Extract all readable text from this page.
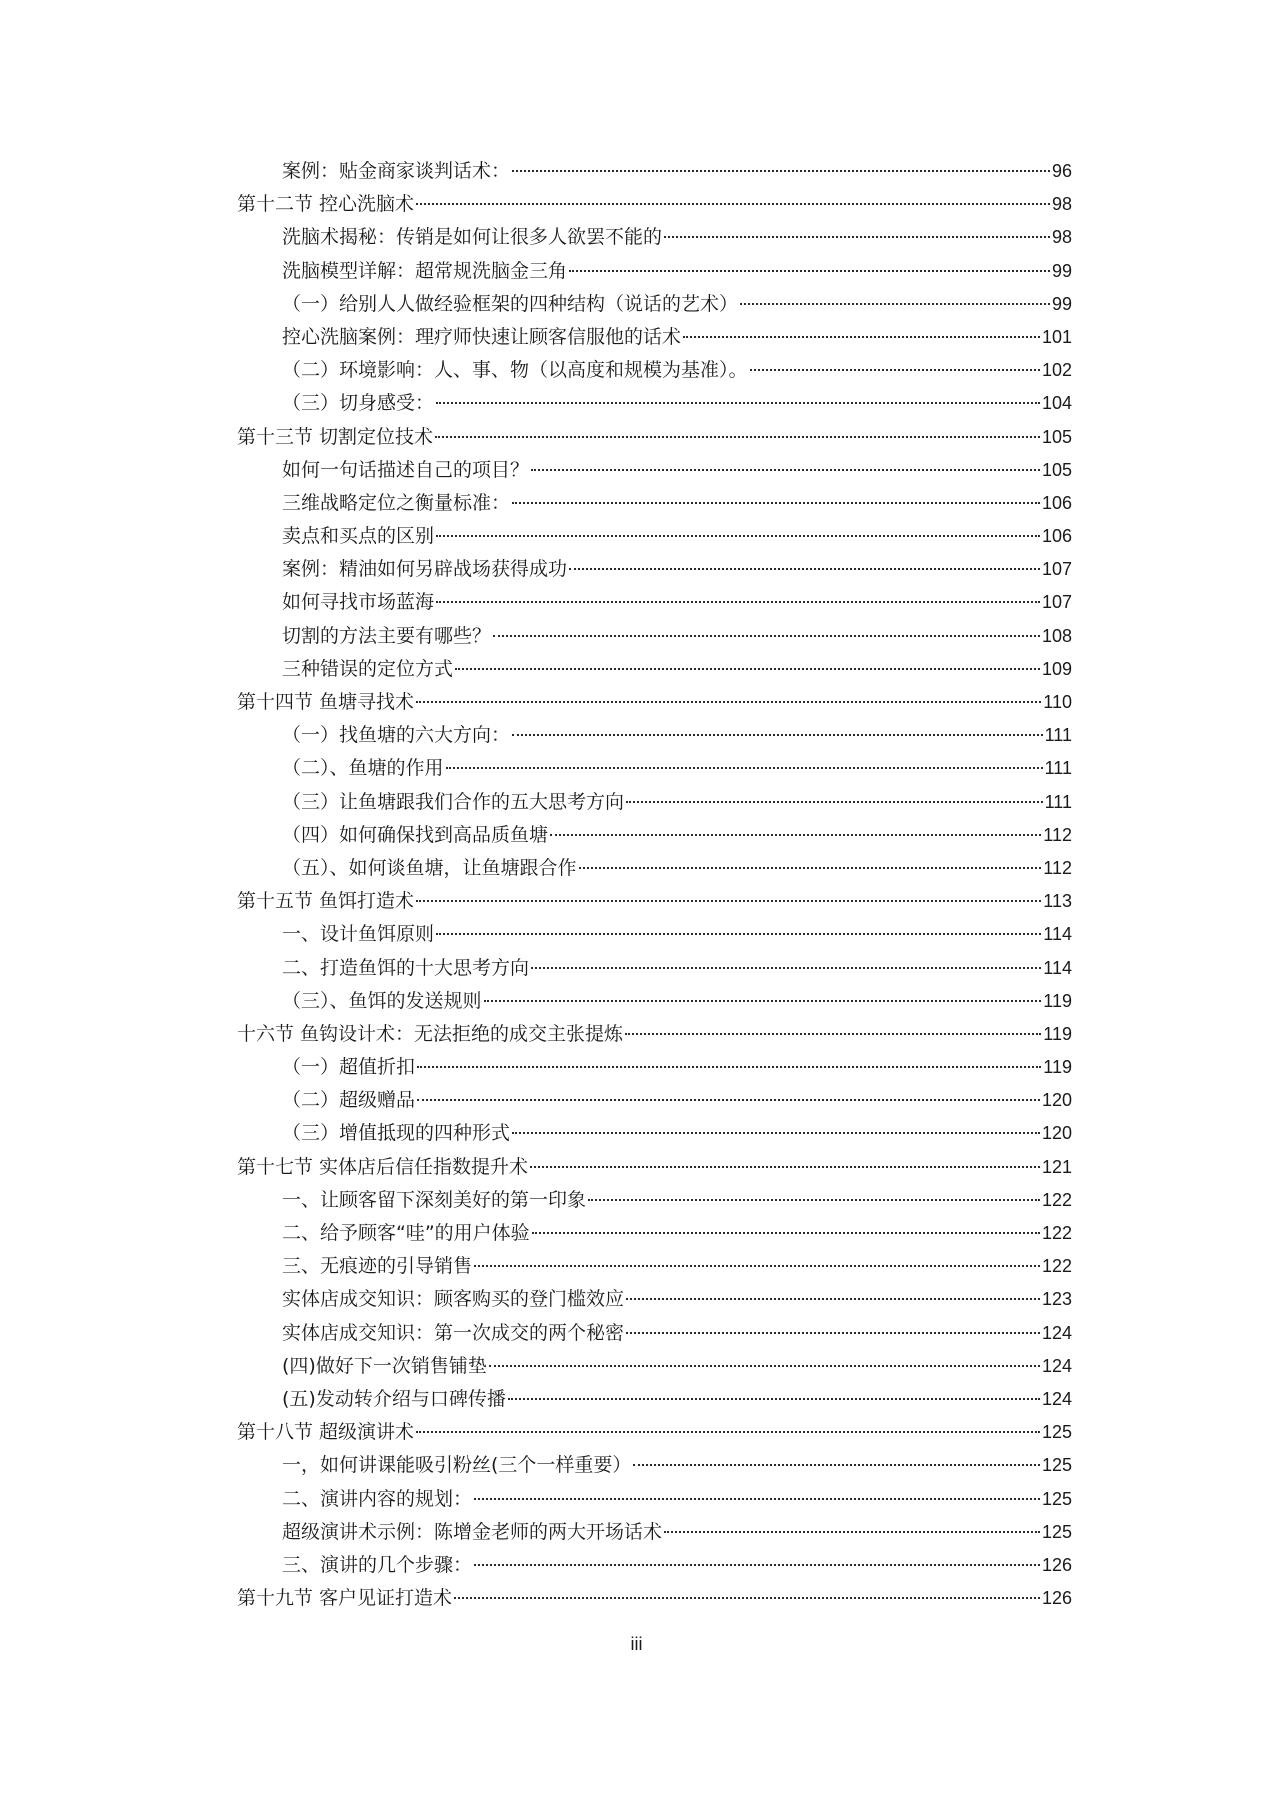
案例：贴金商家谈判话术：	96
第十二节 控心洗脑术	98
洗脑术揭秘：传销是如何让很多人欲罢不能的	98
洗脑模型详解：超常规洗脑金三角	99
（一）给别人人做经验框架的四种结构（说话的艺术）	99
控心洗脑案例：理疗师快速让顾客信服他的话术	101
（二）环境影响：人、事、物（以高度和规模为基准）。	102
（三）切身感受：	104
第十三节 切割定位技术	105
如何一句话描述自己的项目？	105
三维战略定位之衡量标准：	106
卖点和买点的区别	106
案例：精油如何另辟战场获得成功	107
如何寻找市场蓝海	107
切割的方法主要有哪些？	108
三种错误的定位方式	109
第十四节 鱼塘寻找术	110
（一）找鱼塘的六大方向：	111
（二）、鱼塘的作用	111
（三）让鱼塘跟我们合作的五大思考方向	111
（四）如何确保找到高品质鱼塘	112
（五）、如何谈鱼塘，让鱼塘跟合作	112
第十五节 鱼饵打造术	113
一、设计鱼饵原则	114
二、打造鱼饵的十大思考方向	114
（三）、鱼饵的发送规则	119
十六节 鱼钩设计术：无法拒绝的成交主张提炼	119
（一）超值折扣	119
（二）超级赠品	120
（三）增值抵现的四种形式	120
第十七节 实体店后信任指数提升术	121
一、让顾客留下深刻美好的第一印象	122
二、给予顾客“哇”的用户体验	122
三、无痕迹的引导销售	122
实体店成交知识：顾客购买的登门槛效应	123
实体店成交知识：第一次成交的两个秘密	124
(四)做好下一次销售铺垫	124
(五)发动转介绍与口碑传播	124
第十八节 超级演讲术	125
一，如何讲课能吸引粉丝(三个一样重要）	125
二、演讲内容的规划：	125
超级演讲术示例：陈增金老师的两大开场话术	125
三、演讲的几个步骤：	126
第十九节 客户见证打造术	126
iii
